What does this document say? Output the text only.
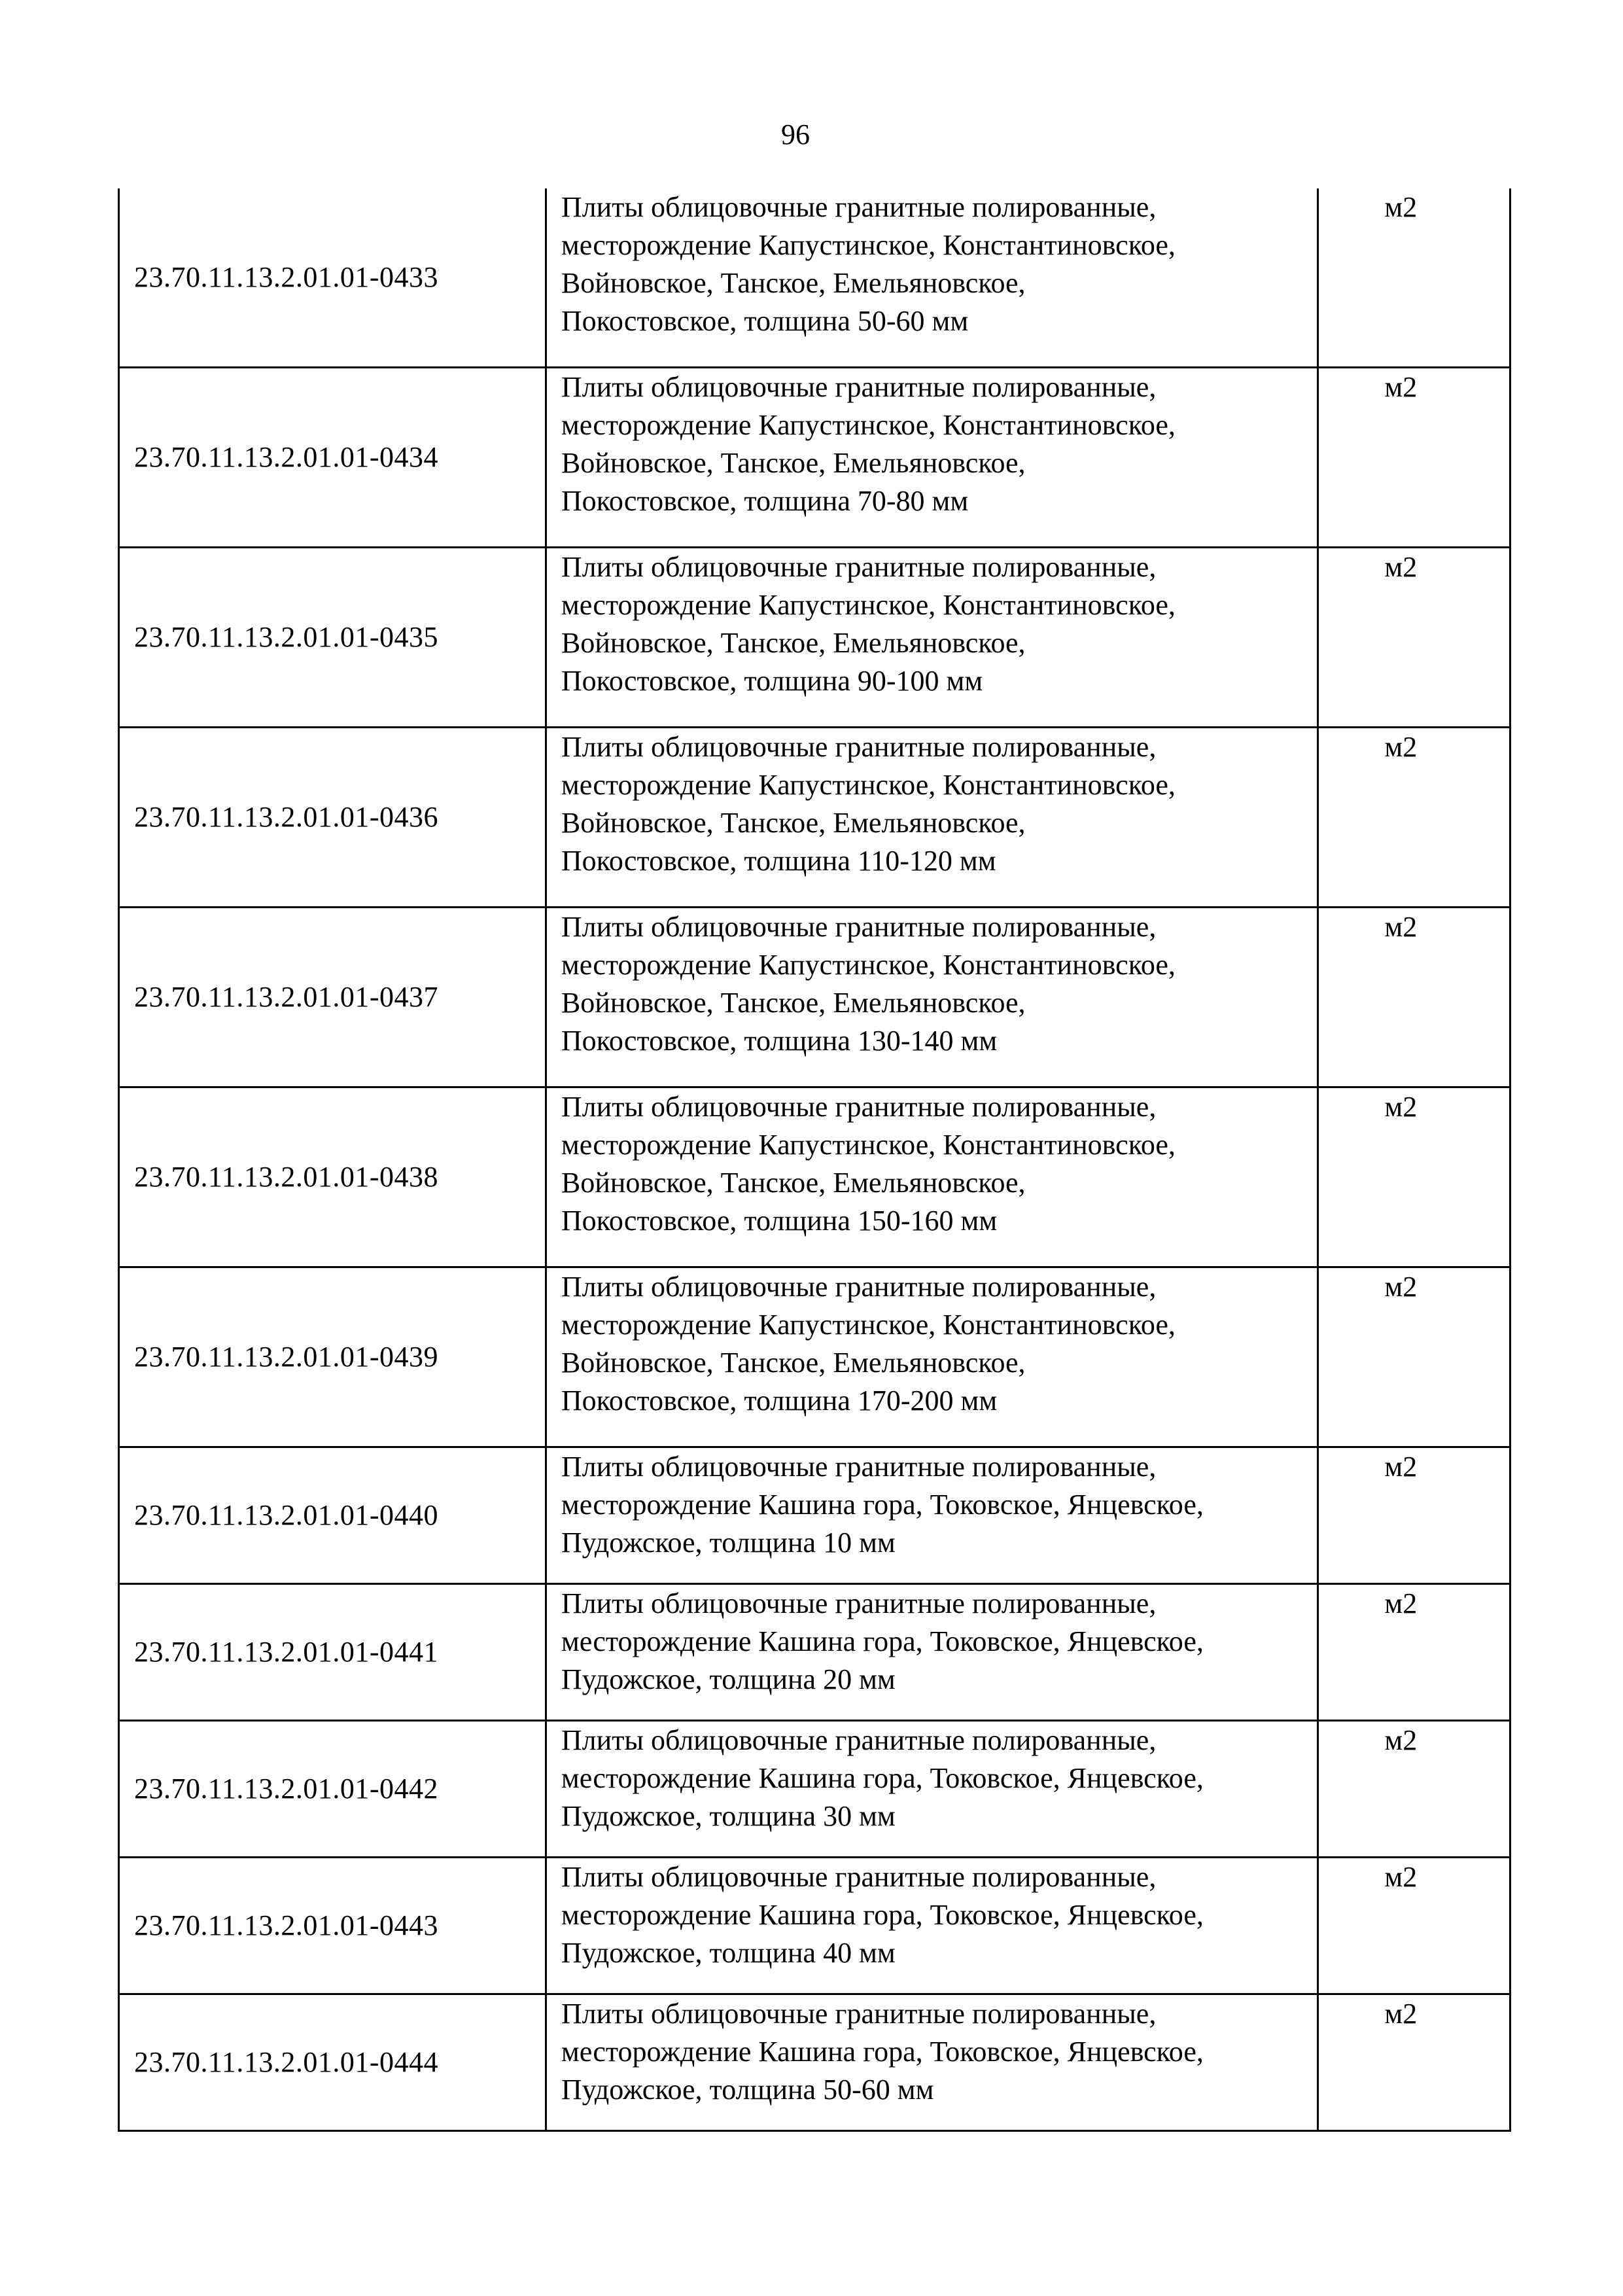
96
23.70.11.13.2.01.01-0433	Плиты облицовочные гранитные полированные,
месторождение Капустинское, Константиновское,
Войновское, Танское, Емельяновское,
Покостовское, толщина 50-60 мм	м2
23.70.11.13.2.01.01-0434	Плиты облицовочные гранитные полированные,
месторождение Капустинское, Константиновское,
Войновское, Танское, Емельяновское,
Покостовское, толщина 70-80 мм	м2
23.70.11.13.2.01.01-0435	Плиты облицовочные гранитные полированные,
месторождение Капустинское, Константиновское,
Войновское, Танское, Емельяновское,
Покостовское, толщина 90-100 мм	м2
23.70.11.13.2.01.01-0436	Плиты облицовочные гранитные полированные,
месторождение Капустинское, Константиновское,
Войновское, Танское, Емельяновское,
Покостовское, толщина 110-120 мм	м2
23.70.11.13.2.01.01-0437	Плиты облицовочные гранитные полированные,
месторождение Капустинское, Константиновское,
Войновское, Танское, Емельяновское,
Покостовское, толщина 130-140 мм	м2
23.70.11.13.2.01.01-0438	Плиты облицовочные гранитные полированные,
месторождение Капустинское, Константиновское,
Войновское, Танское, Емельяновское,
Покостовское, толщина 150-160 мм	м2
23.70.11.13.2.01.01-0439	Плиты облицовочные гранитные полированные,
месторождение Капустинское, Константиновское,
Войновское, Танское, Емельяновское,
Покостовское, толщина 170-200 мм	м2
23.70.11.13.2.01.01-0440	Плиты облицовочные гранитные полированные,
месторождение Кашина гора, Токовское, Янцевское,
Пудожское, толщина 10 мм	м2
23.70.11.13.2.01.01-0441	Плиты облицовочные гранитные полированные,
месторождение Кашина гора, Токовское, Янцевское,
Пудожское, толщина 20 мм	м2
23.70.11.13.2.01.01-0442	Плиты облицовочные гранитные полированные,
месторождение Кашина гора, Токовское, Янцевское,
Пудожское, толщина 30 мм	м2
23.70.11.13.2.01.01-0443	Плиты облицовочные гранитные полированные,
месторождение Кашина гора, Токовское, Янцевское,
Пудожское, толщина 40 мм	м2
23.70.11.13.2.01.01-0444	Плиты облицовочные гранитные полированные,
месторождение Кашина гора, Токовское, Янцевское,
Пудожское, толщина 50-60 мм	м2
